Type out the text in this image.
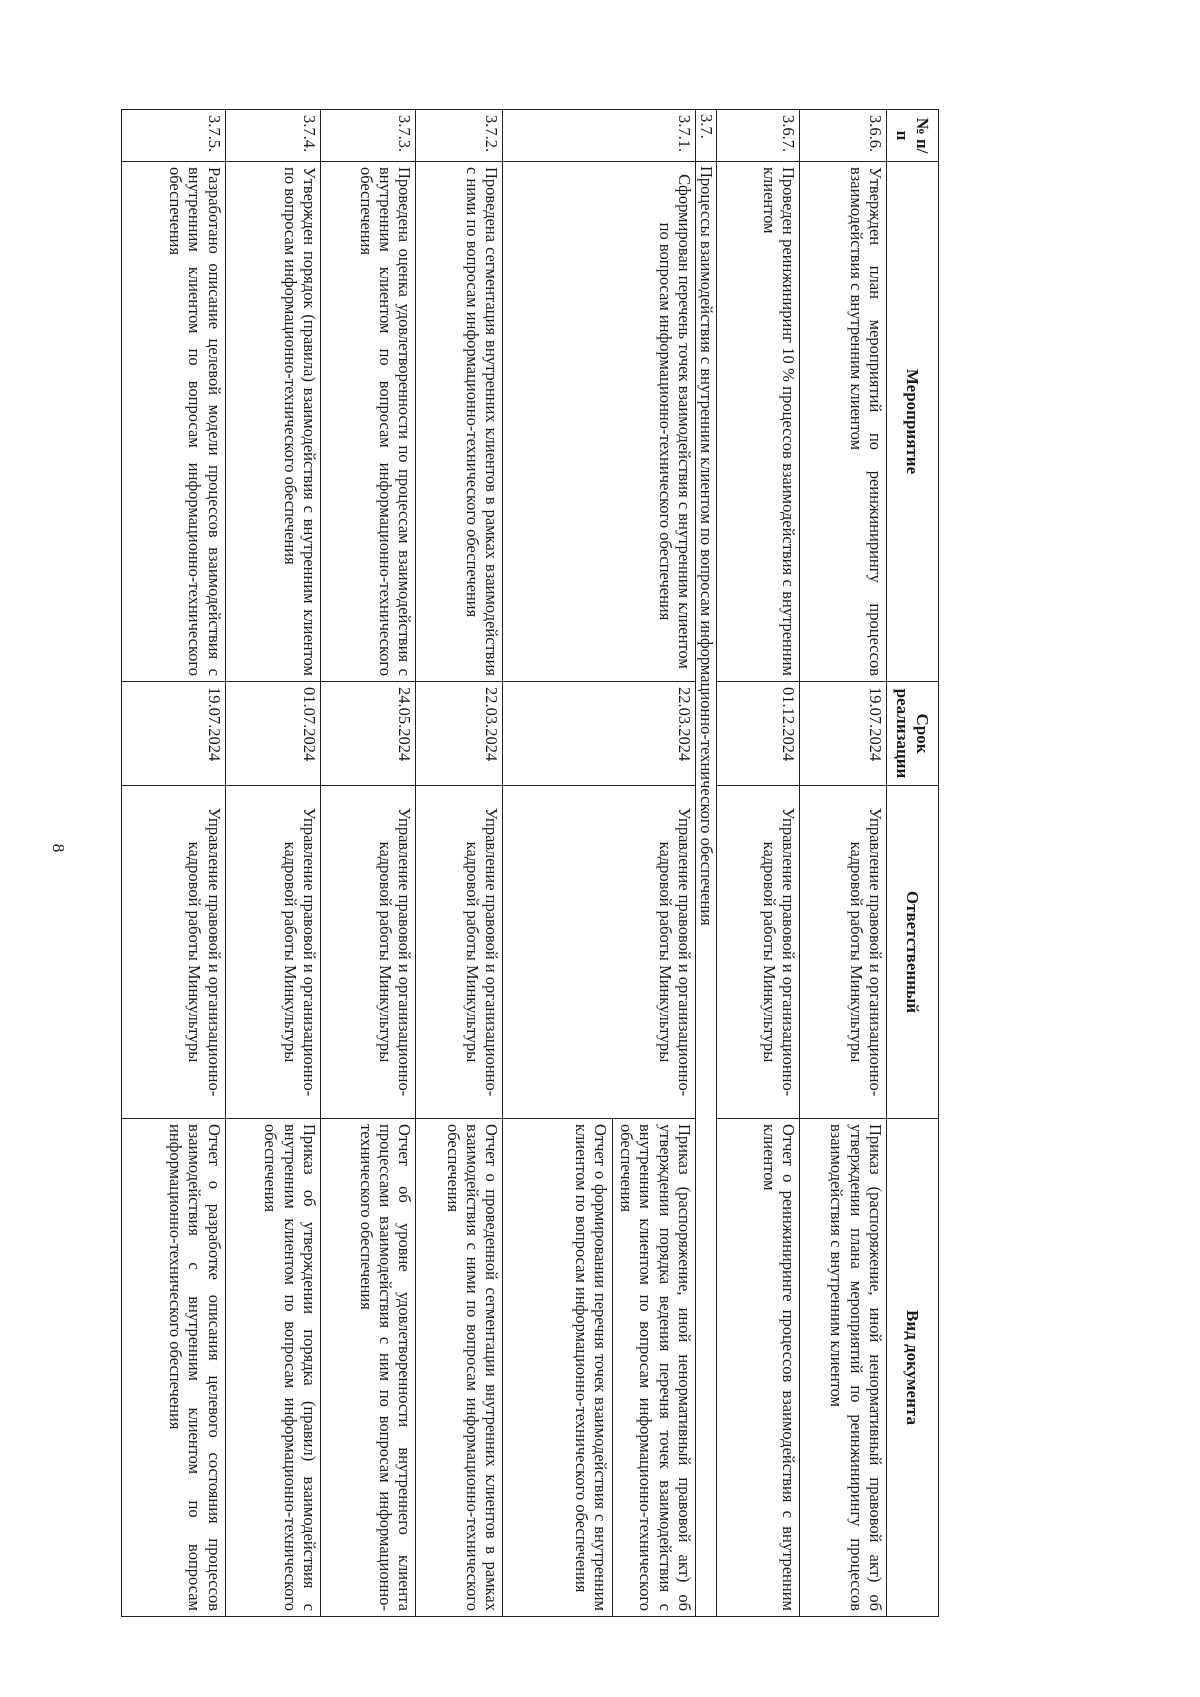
8
№ п/п	Мероприятие	Срок реализации	Ответственный	Вид документа
3.6.6.	Утвержден план мероприятий по реинжинирингу процессов взаимодействия с внутренним клиентом	19.07.2024	Управление правовой и организационно-кадровой работы Минкультуры	Приказ (распоряжение, иной ненормативный правовой акт) об утверждении плана мероприятий по реинжинирингу процессов взаимодействия с внутренним клиентом
3.6.7.	Проведен реинжиниринг 10 % процессов взаимодействия с внутренним клиентом	01.12.2024	Управление правовой и организационно-кадровой работы Минкультуры	Отчет о реинжиниринге процессов взаимодействия с внутренним клиентом
3.7.	Процессы взаимодействия с внутренним клиентом по вопросам информационно-технического обеспечения			
3.7.1.	Сформирован перечень точек взаимодействия с внутренним клиентом по вопросам информационно-технического обеспечения	22.03.2024	Управление правовой и организационно-кадровой работы Минкультуры	Приказ (распоряжение, иной ненормативный правовой акт) об утверждении порядка ведения перечня точек взаимодействия с внутренним клиентом по вопросам информационно-технического обеспечения
Отчет о формировании перечня точек взаимодействия с внутренним клиентом по вопросам информационно-технического обеспечения

3.7.2.	Проведена сегментация внутренних клиентов в рамках взаимодействия с ними по вопросам информационно-технического обеспечения	22.03.2024	Управление правовой и организационно-кадровой работы Минкультуры	Отчет о проведенной сегментации внутренних клиентов в рамках взаимодействия с ними по вопросам информационно-технического обеспечения
3.7.3.	Проведена оценка удовлетворенности по процессам взаимодействия с внутренним клиентом по вопросам информационно-технического обеспечения	24.05.2024	Управление правовой и организационно-кадровой работы Минкультуры	Отчет об уровне удовлетворенности внутреннего клиента процессами взаимодействия с ним по вопросам информационно-технического обеспечения
3.7.4.	Утвержден порядок (правила) взаимодействия с внутренним клиентом по вопросам информационно-технического обеспечения	01.07.2024	Управление правовой и организационно-кадровой работы Минкультуры	Приказ об утверждении порядка (правил) взаимодействия с внутренним клиентом по вопросам информационно-технического обеспечения
3.7.5.	Разработано описание целевой модели процессов взаимодействия с внутренним клиентом по вопросам информационно-технического обеспечения	19.07.2024	Управление правовой и организационно-кадровой работы Минкультуры	Отчет о разработке описания целевого состояния процессов взаимодействия с внутренним клиентом по вопросам информационно-технического обеспечения
